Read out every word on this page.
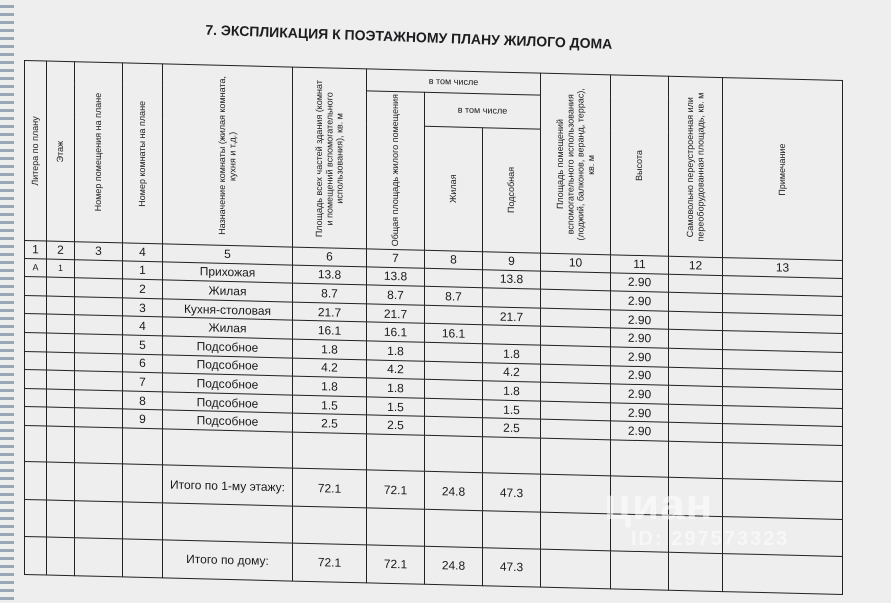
7. ЭКСПЛИКАЦИЯ К ПОЭТАЖНОМУ ПЛАНУ ЖИЛОГО ДОМА
Литера по плану	Этаж	Номер помещения на плане	Номер комнаты на плане	Назначение комнаты (жилая комната, кухня и т.д.)	Площадь всех частей здания (комнат и помещений вспомогательного использования), кв. м	в том числе			Площадь помещений вспомогательного использования (лоджий, балконов, веранд, террас), кв. м	Высота	Самовольно переустроенная или переоборудованная площадь, кв. м	Примечание

						Общая площадь жилого помещения	в том числе					

							Жилая	Подсобная				

1	2	3	4	5	6	7	8	9	10	11	12	13
А	1		1	Прихожая	13.8	13.8		13.8		2.90		
			2	Жилая	8.7	8.7	8.7			2.90		
			3	Кухня-столовая	21.7	21.7		21.7		2.90		
			4	Жилая	16.1	16.1	16.1			2.90		
			5	Подсобное	1.8	1.8		1.8		2.90		
			6	Подсобное	4.2	4.2		4.2		2.90		
			7	Подсобное	1.8	1.8		1.8		2.90		
			8	Подсобное	1.5	1.5		1.5		2.90		
			9	Подсобное	2.5	2.5		2.5		2.90		

				Итого по 1-му этажу:	72.1	72.1	24.8	47.3				

				Итого по дому:	72.1	72.1	24.8	47.3				
циан
ID: 297573323
